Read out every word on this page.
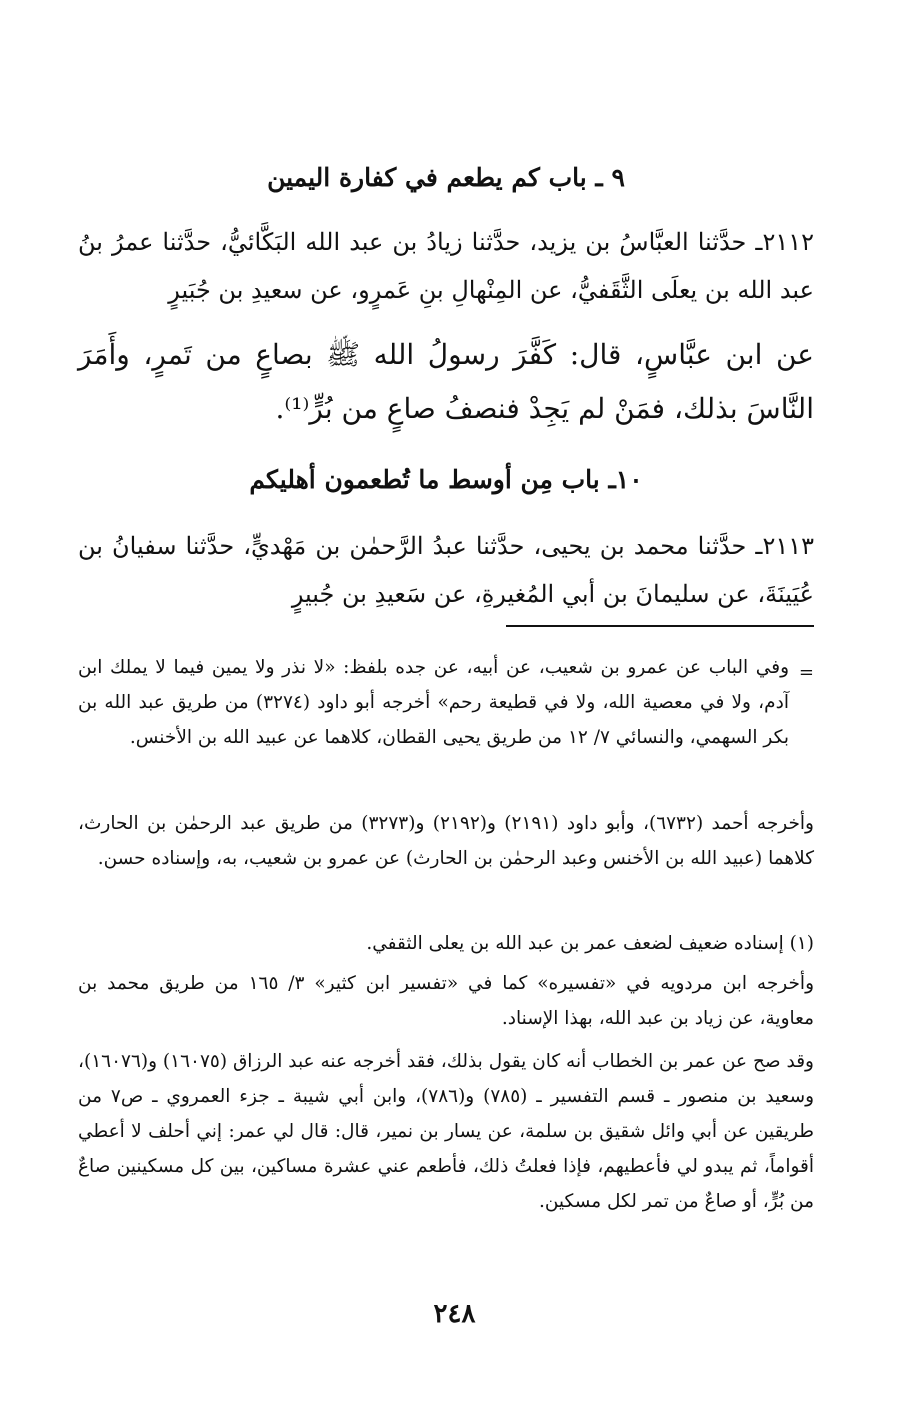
٩ ـ باب كم يطعم في كفارة اليمين
٢١١٢ـ حدَّثنا العبَّاسُ بن يزيد، حدَّثنا زيادُ بن عبد الله البَكَّائيُّ، حدَّثنا عمرُ بنُ عبد الله بن يعلَى الثَّقَفيُّ، عن المِنْهالِ بنِ عَمرٍو، عن سعيدِ بن جُبَيرٍ
عن ابن عبَّاسٍ، قال: كَفَّرَ رسولُ الله ﷺ بصاعٍ من تَمرٍ، وأَمَرَ النَّاسَ بذلك، فمَنْ لم يَجِدْ فنصفُ صاعٍ من بُرٍّ⁽¹⁾.
١٠ـ باب مِن أوسط ما تُطعمون أهليكم
٢١١٣ـ حدَّثنا محمد بن يحيى، حدَّثنا عبدُ الرَّحمٰن بن مَهْديٍّ، حدَّثنا سفيانُ بن عُيَينَةَ، عن سليمانَ بن أبي المُغيرةِ، عن سَعيدِ بن جُبيرٍ
=
وفي الباب عن عمرو بن شعيب، عن أبيه، عن جده بلفظ: «لا نذر ولا يمين فيما لا يملك ابن آدم، ولا في معصية الله، ولا في قطيعة رحم» أخرجه أبو داود (٣٢٧٤) من طريق عبد الله بن بكر السهمي، والنسائي ٧/ ١٢ من طريق يحيى القطان، كلاهما عن عبيد الله بن الأخنس.
وأخرجه أحمد (٦٧٣٢)، وأبو داود (٢١٩١) و(٢١٩٢) و(٣٢٧٣) من طريق عبد الرحمٰن بن الحارث، كلاهما (عبيد الله بن الأخنس وعبد الرحمٰن بن الحارث) عن عمرو بن شعيب، به، وإسناده حسن.
(١) إسناده ضعيف لضعف عمر بن عبد الله بن يعلى الثقفي.
وأخرجه ابن مردويه في «تفسيره» كما في «تفسير ابن كثير» ٣/ ١٦٥ من طريق محمد بن معاوية، عن زياد بن عبد الله، بهذا الإسناد.
وقد صح عن عمر بن الخطاب أنه كان يقول بذلك، فقد أخرجه عنه عبد الرزاق (١٦٠٧٥) و(١٦٠٧٦)، وسعيد بن منصور ـ قسم التفسير ـ (٧٨٥) و(٧٨٦)، وابن أبي شيبة ـ جزء العمروي ـ ص٧ من طريقين عن أبي وائل شقيق بن سلمة، عن يسار بن نمير، قال: قال لي عمر: إني أحلف لا أعطي أقواماً، ثم يبدو لي فأعطيهم، فإذا فعلتُ ذلك، فأطعم عني عشرة مساكين، بين كل مسكينين صاعٌ من بُرٍّ، أو صاعٌ من تمر لكل مسكين.
٢٤٨
